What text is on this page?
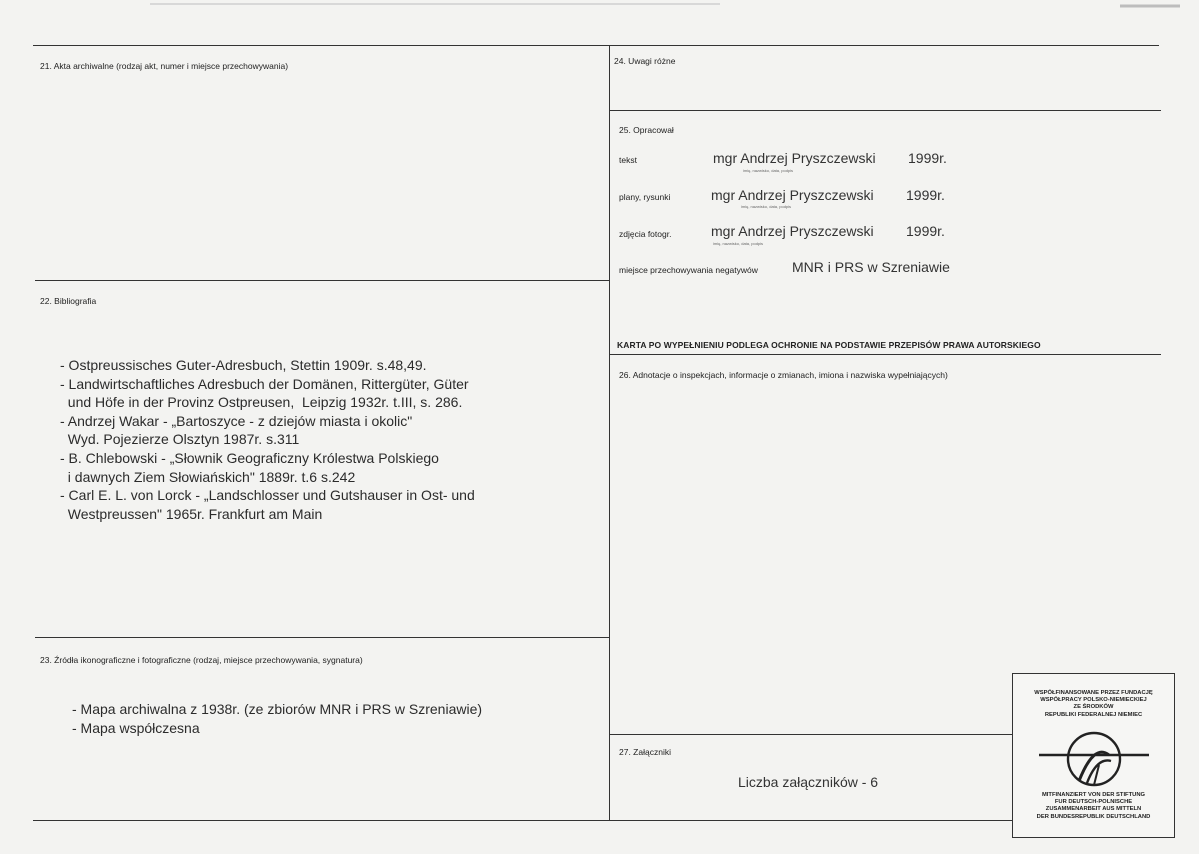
21. Akta archiwalne (rodzaj akt, numer i miejsce przechowywania)
22. Bibliografia
- Ostpreussisches Guter-Adresbuch, Stettin 1909r. s.48,49.
- Landwirtschaftliches Adresbuch der Domänen, Rittergüter, Güter
und Höfe in der Provinz Ostpreusen,  Leipzig 1932r. t.III, s. 286.
- Andrzej Wakar - „Bartoszyce - z dziejów miasta i okolic"
Wyd. Pojezierze Olsztyn 1987r. s.311
- B. Chlebowski - „Słownik Geograficzny Królestwa Polskiego
i dawnych Ziem Słowiańskich" 1889r. t.6 s.242
- Carl E. L. von Lorck - „Landschlosser und Gutshauser in Ost- und
Westpreussen" 1965r. Frankfurt am Main
23. Źródła ikonograficzne i fotograficzne (rodzaj, miejsce przechowywania, sygnatura)
- Mapa archiwalna z 1938r. (ze zbiorów MNR i PRS w Szreniawie)
- Mapa współczesna
24. Uwagi różne
25. Opracował
tekst	mgr Andrzej Pryszczewski 1999r.
imię, nazwisko, data, podpis
plany, rysunki	mgr Andrzej Pryszczewski 1999r.
imię, nazwisko, data, podpis
zdjęcia fotogr.	mgr Andrzej Pryszczewski 1999r.
imię, nazwisko, data, podpis
miejsce przechowywania negatywów MNR i PRS w Szreniawie
KARTA PO WYPEŁNIENIU PODLEGA OCHRONIE NA PODSTAWIE PRZEPISÓW PRAWA AUTORSKIEGO
26. Adnotacje o inspekcjach, informacje o zmianach, imiona i nazwiska wypełniających)
27. Załączniki
Liczba załączników - 6
WSPÓŁFINANSOWANE PRZEZ FUNDACJĘ
WSPÓŁPRACY POLSKO-NIEMIECKIEJ
ZE ŚRODKÓW
REPUBLIKI FEDERALNEJ NIEMIEC
MITFINANZIERT VON DER STIFTUNG
FUR DEUTSCH-POLNISCHE
ZUSAMMENARBEIT AUS MITTELN
DER BUNDESREPUBLIK DEUTSCHLAND
